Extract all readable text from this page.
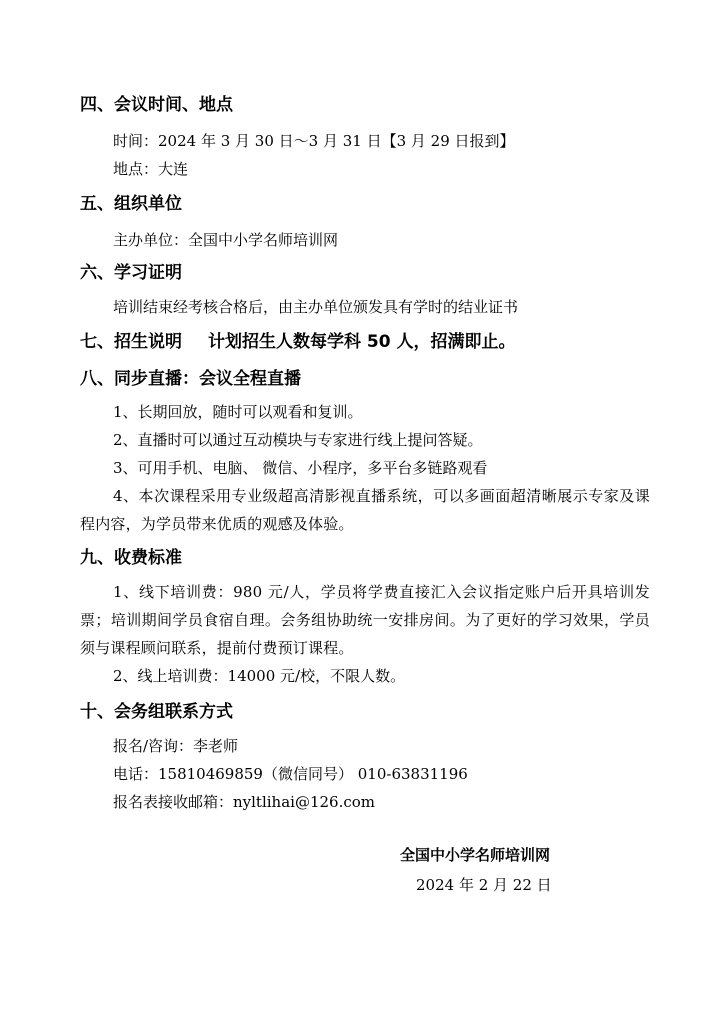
四、会议时间、地点
时间：2024 年 3 月 30 日～3 月 31 日【3 月 29 日报到】
地点：大连
五、组织单位
主办单位：全国中小学名师培训网
六、学习证明
培训结束经考核合格后，由主办单位颁发具有学时的结业证书
七、招生说明 计划招生人数每学科 50 人，招满即止。
八、同步直播：会议全程直播
1、长期回放，随时可以观看和复训。
2、直播时可以通过互动模块与专家进行线上提问答疑。
3、可用手机、电脑、 微信、小程序，多平台多链路观看
4、本次课程采用专业级超高清影视直播系统，可以多画面超清晰展示专家及课程内容，为学员带来优质的观感及体验。
九、收费标准
1、线下培训费：980 元/人，学员将学费直接汇入会议指定账户后开具培训发票；培训期间学员食宿自理。会务组协助统一安排房间。为了更好的学习效果，学员须与课程顾问联系，提前付费预订课程。
2、线上培训费：14000 元/校，不限人数。
十、会务组联系方式
报名/咨询：李老师
电话：15810469859（微信同号） 010-63831196
报名表接收邮箱：nyltlihai@126.com
全国中小学名师培训网
2024 年 2 月 22 日
